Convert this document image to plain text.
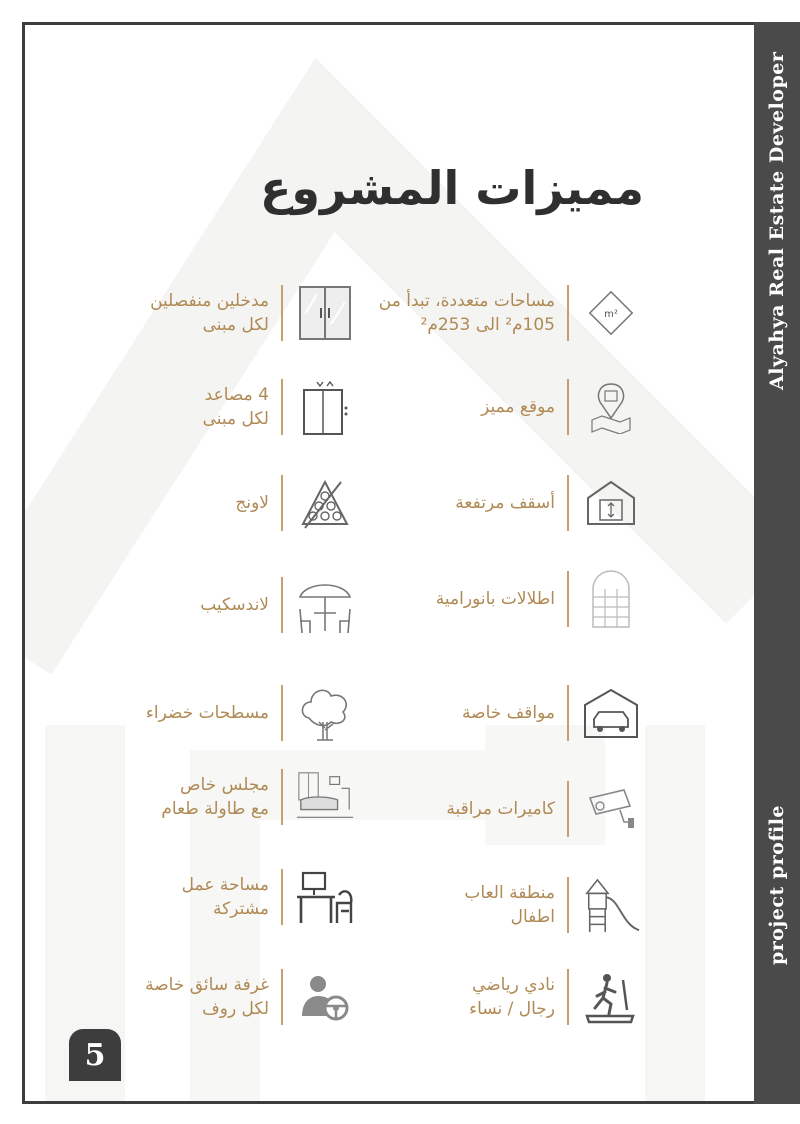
مميزات المشروع
مساحات متعددة، تبدأ من
105م² الى 253م²
m²
موقع مميز
أسقف مرتفعة
اطلالات بانورامية
مواقف خاصة
كاميرات مراقبة
منطقة العاب
اطفال
نادي رياضي
رجال / نساء
مدخلين منفصلين
لكل مبنى
4 مصاعد
لكل مبنى
لاونج
لاندسكيب
مسطحات خضراء
مجلس خاص
مع طاولة طعام
مساحة عمل
مشتركة
غرفة سائق خاصة
لكل روف
5
Alyahya Real Estate Developer
project profile
